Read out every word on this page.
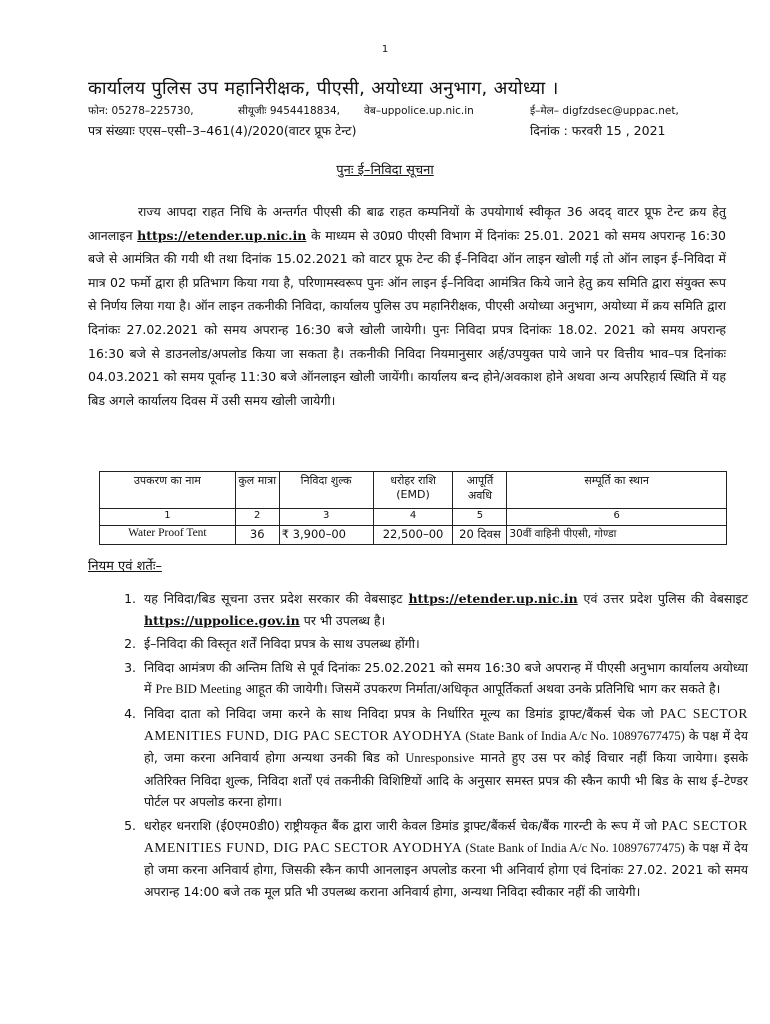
1
कार्यालय पुलिस उप महानिरीक्षक, पीएसी, अयोध्या अनुभाग, अयोध्या ।
फोन: 05278–225730,	सीयूजीः 9454418834, वेब–uppolice.up.nic.in	ई–मेल– digfzdsec@uppac.net,
पत्र संख्याः एएस–एसी–3–461(4)/2020(वाटर प्रूफ टेन्ट)	दिनांक : फरवरी 15 , 2021
पुनः ई–निविदा सूचना
राज्य आपदा राहत निधि के अन्तर्गत पीएसी की बाढ राहत कम्पनियों के उपयोगार्थ स्वीकृत 36 अदद् वाटर प्रूफ टेन्ट क्रय हेतु आनलाइन https://etender.up.nic.in के माध्यम से उ0प्र0 पीएसी विभाग में दिनांकः 25.01. 2021 को समय अपरान्ह 16:30 बजे से आमंत्रित की गयी थी तथा दिनांक 15.02.2021 को वाटर प्रूफ टेन्ट की ई–निविदा ऑन लाइन खोली गई तो ऑन लाइन ई–निविदा में मात्र 02 फर्मो द्वारा ही प्रतिभाग किया गया है, परिणामस्वरूप पुनः ऑन लाइन ई–निविदा आमंत्रित किये जाने हेतु क्रय समिति द्वारा संयुक्त रूप से निर्णय लिया गया है। ऑन लाइन तकनीकी निविदा, कार्यालय पुलिस उप महानिरीक्षक, पीएसी अयोध्या अनुभाग, अयोध्या में क्रय समिति द्वारा दिनांकः 27.02.2021 को समय अपरान्ह 16:30 बजे खोली जायेगी। पुनः निविदा प्रपत्र दिनांकः 18.02. 2021 को समय अपरान्ह 16:30 बजे से डाउनलोड/अपलोड किया जा सकता है। तकनीकी निविदा नियमानुसार अर्ह/उपयुक्त पाये जाने पर वित्तीय भाव–पत्र दिनांकः 04.03.2021 को समय पूर्वान्ह 11:30 बजे ऑनलाइन खोली जायेंगी। कार्यालय बन्द होने/अवकाश होने अथवा अन्य अपरिहार्य स्थिति में यह बिड अगले कार्यालय दिवस में उसी समय खोली जायेगी।
उपकरण का नाम	कुल मात्रा	निविदा शुल्क	धरोहर राशि (EMD)	आपूर्ति अवधि	सम्पूर्ति का स्थान
1	2	3	4	5	6
Water Proof Tent	36	₹ 3,900–00	22,500–00	20 दिवस	30वीं वाहिनी पीएसी, गोण्डा
नियम एवं शर्तेः–
1. यह निविदा/बिड सूचना उत्तर प्रदेश सरकार की वेबसाइट https://etender.up.nic.in एवं उत्तर प्रदेश पुलिस की वेबसाइट https://uppolice.gov.in पर भी उपलब्ध है।
2. ई–निविदा की विस्तृत शर्तें निविदा प्रपत्र के साथ उपलब्ध होंगी।
3. निविदा आमंत्रण की अन्तिम तिथि से पूर्व दिनांकः 25.02.2021 को समय 16:30 बजे अपरान्ह में पीएसी अनुभाग कार्यालय अयोध्या में Pre BID Meeting आहूत की जायेगी। जिसमें उपकरण निर्माता/अधिकृत आपूर्तिकर्ता अथवा उनके प्रतिनिधि भाग कर सकते है।
4. निविदा दाता को निविदा जमा करने के साथ निविदा प्रपत्र के निर्धारित मूल्य का डिमांड ड्राफ्ट/बैंकर्स चेक जो PAC SECTOR AMENITIES FUND, DIG PAC SECTOR AYODHYA (State Bank of India A/c No. 10897677475) के पक्ष में देय हो, जमा करना अनिवार्य होगा अन्यथा उनकी बिड को Unresponsive मानते हुए उस पर कोई विचार नहीं किया जायेगा। इसके अतिरिक्त निविदा शुल्क, निविदा शर्तों एवं तकनीकी विशिष्टियों आदि के अनुसार समस्त प्रपत्र की स्कैन कापी भी बिड के साथ ई–टेण्डर पोर्टल पर अपलोड करना होगा।
5. धरोहर धनराशि (ई0एम0डी0) राष्ट्रीयकृत बैंक द्वारा जारी केवल डिमांड ड्राफ्ट/बैंकर्स चेक/बैंक गारन्टी के रूप में जो PAC SECTOR AMENITIES FUND, DIG PAC SECTOR AYODHYA (State Bank of India A/c No. 10897677475) के पक्ष में देय हो जमा करना अनिवार्य होगा, जिसकी स्कैन कापी आनलाइन अपलोड करना भी अनिवार्य होगा एवं दिनांकः 27.02. 2021 को समय अपरान्ह 14:00 बजे तक मूल प्रति भी उपलब्ध कराना अनिवार्य होगा, अन्यथा निविदा स्वीकार नहीं की जायेगी।
